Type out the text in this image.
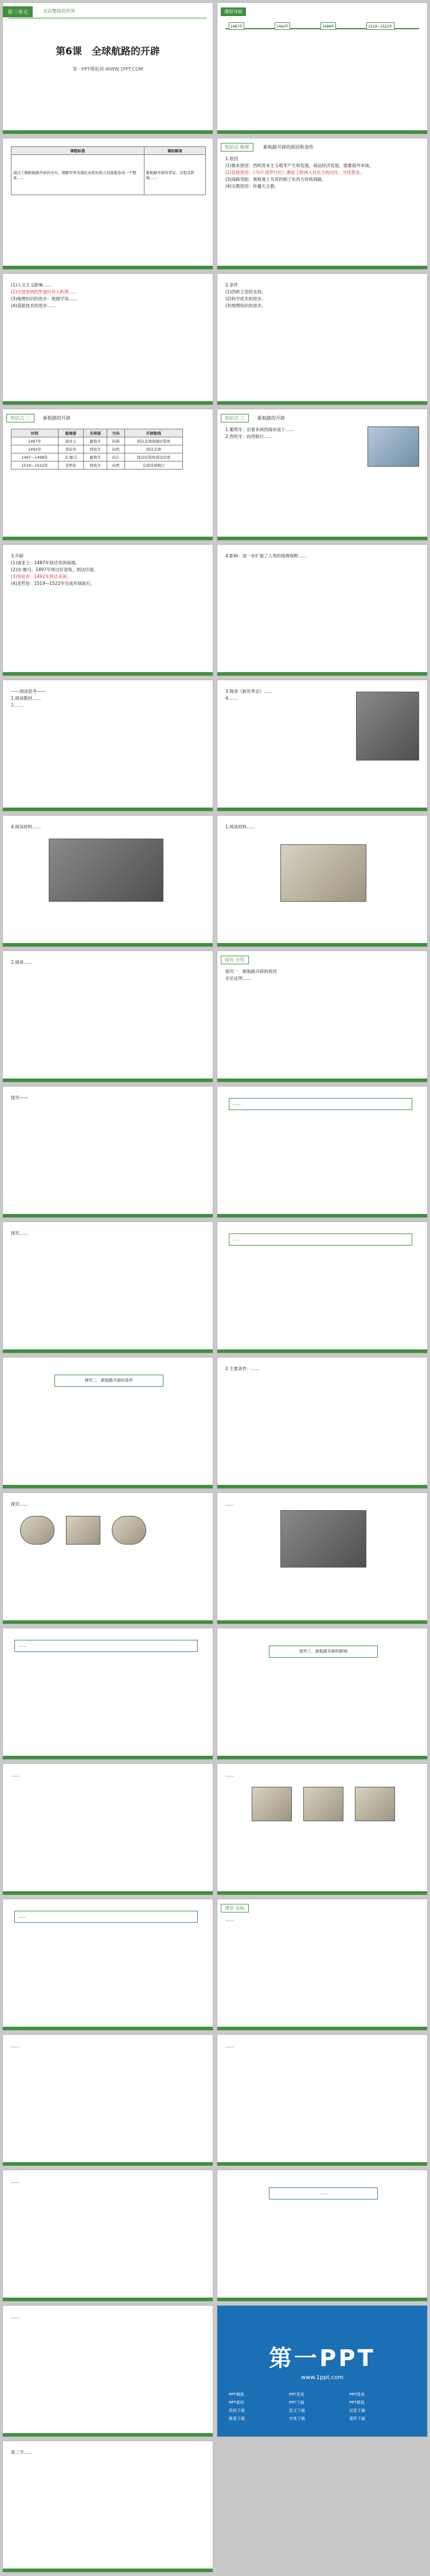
第三单元	走向整体的世界
第6课　全球航路的开辟
第一PPT模板网-WWW.1PPT.COM
课程导航
1487年	1492年	1498年	1519—1522年
课程标准	课标解读
通过了解新航路开辟的史实，理解世界各地区由相对孤立到逐渐连成一个整体……	新航路开辟的背景、过程及影响……
知识点 梳理	新航路开辟的原因和条件
1.原因
(1)根本原因：西欧资本主义萌芽产生和发展，商品经济发展，需要海外市场。
(2)直接原因：《马可·波罗行纪》激起了欧洲人对东方的向往，寻找黄金。
(3)商路受阻：奥斯曼土耳其控制了东西方传统商路。
(4)宗教原因：传播天主教。
(1)人文主义影响……
(2)中国发明的罗盘针传入欧洲……
(3)地理知识的进步：地圆学说……
(4)造船技术的进步……
2.条件
(1)西欧王室的支持。
(2)科学技术的进步。
(3)地理知识的进步。
知识点 二	新航路的开辟
时间	航海家	支持国	方向	开辟航线
1487年	迪亚士	葡萄牙	向南	到达非洲南端好望角
1492年	哥伦布	西班牙	向西	到达美洲
1497—1498年	达·伽马	葡萄牙	向东	绕过好望角到达印度
1519—1522年	麦哲伦	西班牙	向西	完成环球航行
知识点 三	新航路的开辟
1.葡萄牙：沿着非洲西海岸南下……
2.西班牙：向西航行……
3.开辟
(1)迪亚士：1487年到达非洲南端。
(2)达·伽马：1497年绕过好望角，到达印度。
(3)哥伦布：1492年到达美洲。
(4)麦哲伦：1519—1522年完成环球航行。
4.影响：进一步扩展了人类的地理视野……
——阅读思考——
1.阅读教材……
2.……
3.阅读《新世界志》……
4.……
4.阅读材料……	1.阅读材料……
2.阅读……	探究 合作
探究一　新航路开辟的原因
史论证明……
探究——
……
探究……
……
探究二　新航路开辟的条件
2.主要条件：……
探究……	……
……
探究三　新航路开辟的影响
……	……
……
课堂 达标
……
……	……
……
……
……
第一PPT
www.1ppt.com
PPT模板	PPT背景	PPT图表
PPT素材	PPT下载	PPT教程
资料下载	范文下载	试卷下载
教案下载	字体下载	课件下载
第三节……
